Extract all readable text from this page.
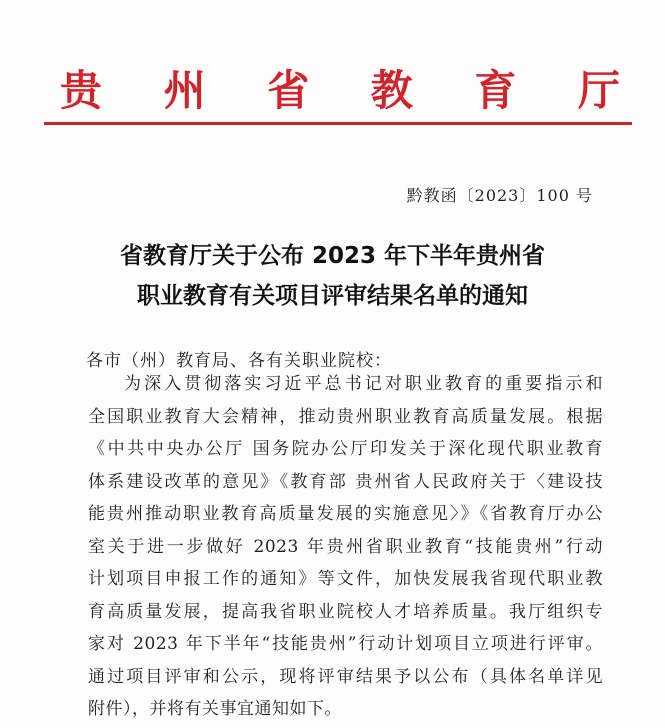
贵 州 省 教 育 厅
黔教函〔2023〕100 号
省教育厅关于公布 2023 年下半年贵州省
职业教育有关项目评审结果名单的通知
各市（州）教育局、各有关职业院校：
为深入贯彻落实习近平总书记对职业教育的重要指示和
全国职业教育大会精神，推动贵州职业教育高质量发展。根据
《中共中央办公厅 国务院办公厅印发关于深化现代职业教育
体系建设改革的意见》《教育部 贵州省人民政府关于〈建设技
能贵州推动职业教育高质量发展的实施意见〉》《省教育厅办公
室关于进一步做好 2023 年贵州省职业教育“技能贵州”行动
计划项目申报工作的通知》等文件，加快发展我省现代职业教
育高质量发展，提高我省职业院校人才培养质量。我厅组织专
家对 2023 年下半年“技能贵州”行动计划项目立项进行评审。
通过项目评审和公示，现将评审结果予以公布（具体名单详见
附件），并将有关事宜通知如下。
